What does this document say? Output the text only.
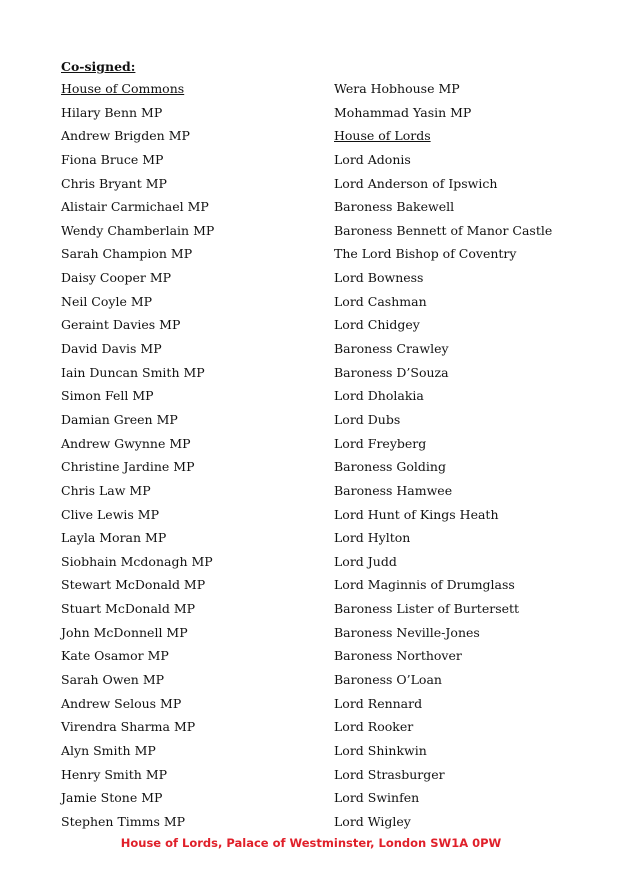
Co-signed:
House of Commons
Hilary Benn MP
Andrew Brigden MP
Fiona Bruce MP
Chris Bryant MP
Alistair Carmichael MP
Wendy Chamberlain MP
Sarah Champion MP
Daisy Cooper MP
Neil Coyle MP
Geraint Davies MP
David Davis MP
Iain Duncan Smith MP
Simon Fell MP
Damian Green MP
Andrew Gwynne MP
Christine Jardine MP
Chris Law MP
Clive Lewis MP
Layla Moran MP
Siobhain Mcdonagh MP
Stewart McDonald MP
Stuart McDonald MP
John McDonnell MP
Kate Osamor MP
Sarah Owen MP
Andrew Selous MP
Virendra Sharma MP
Alyn Smith MP
Henry Smith MP
Jamie Stone MP
Stephen Timms MP
Wera Hobhouse MP
Mohammad Yasin MP
House of Lords
Lord Adonis
Lord Anderson of Ipswich
Baroness Bakewell
Baroness Bennett of Manor Castle
The Lord Bishop of Coventry
Lord Bowness
Lord Cashman
Lord Chidgey
Baroness Crawley
Baroness D’Souza
Lord Dholakia
Lord Dubs
Lord Freyberg
Baroness Golding
Baroness Hamwee
Lord Hunt of Kings Heath
Lord Hylton
Lord Judd
Lord Maginnis of Drumglass
Baroness Lister of Burtersett
Baroness Neville-Jones
Baroness Northover
Baroness O’Loan
Lord Rennard
Lord Rooker
Lord Shinkwin
Lord Strasburger
Lord Swinfen
Lord Wigley
House of Lords, Palace of Westminster, London SW1A 0PW
